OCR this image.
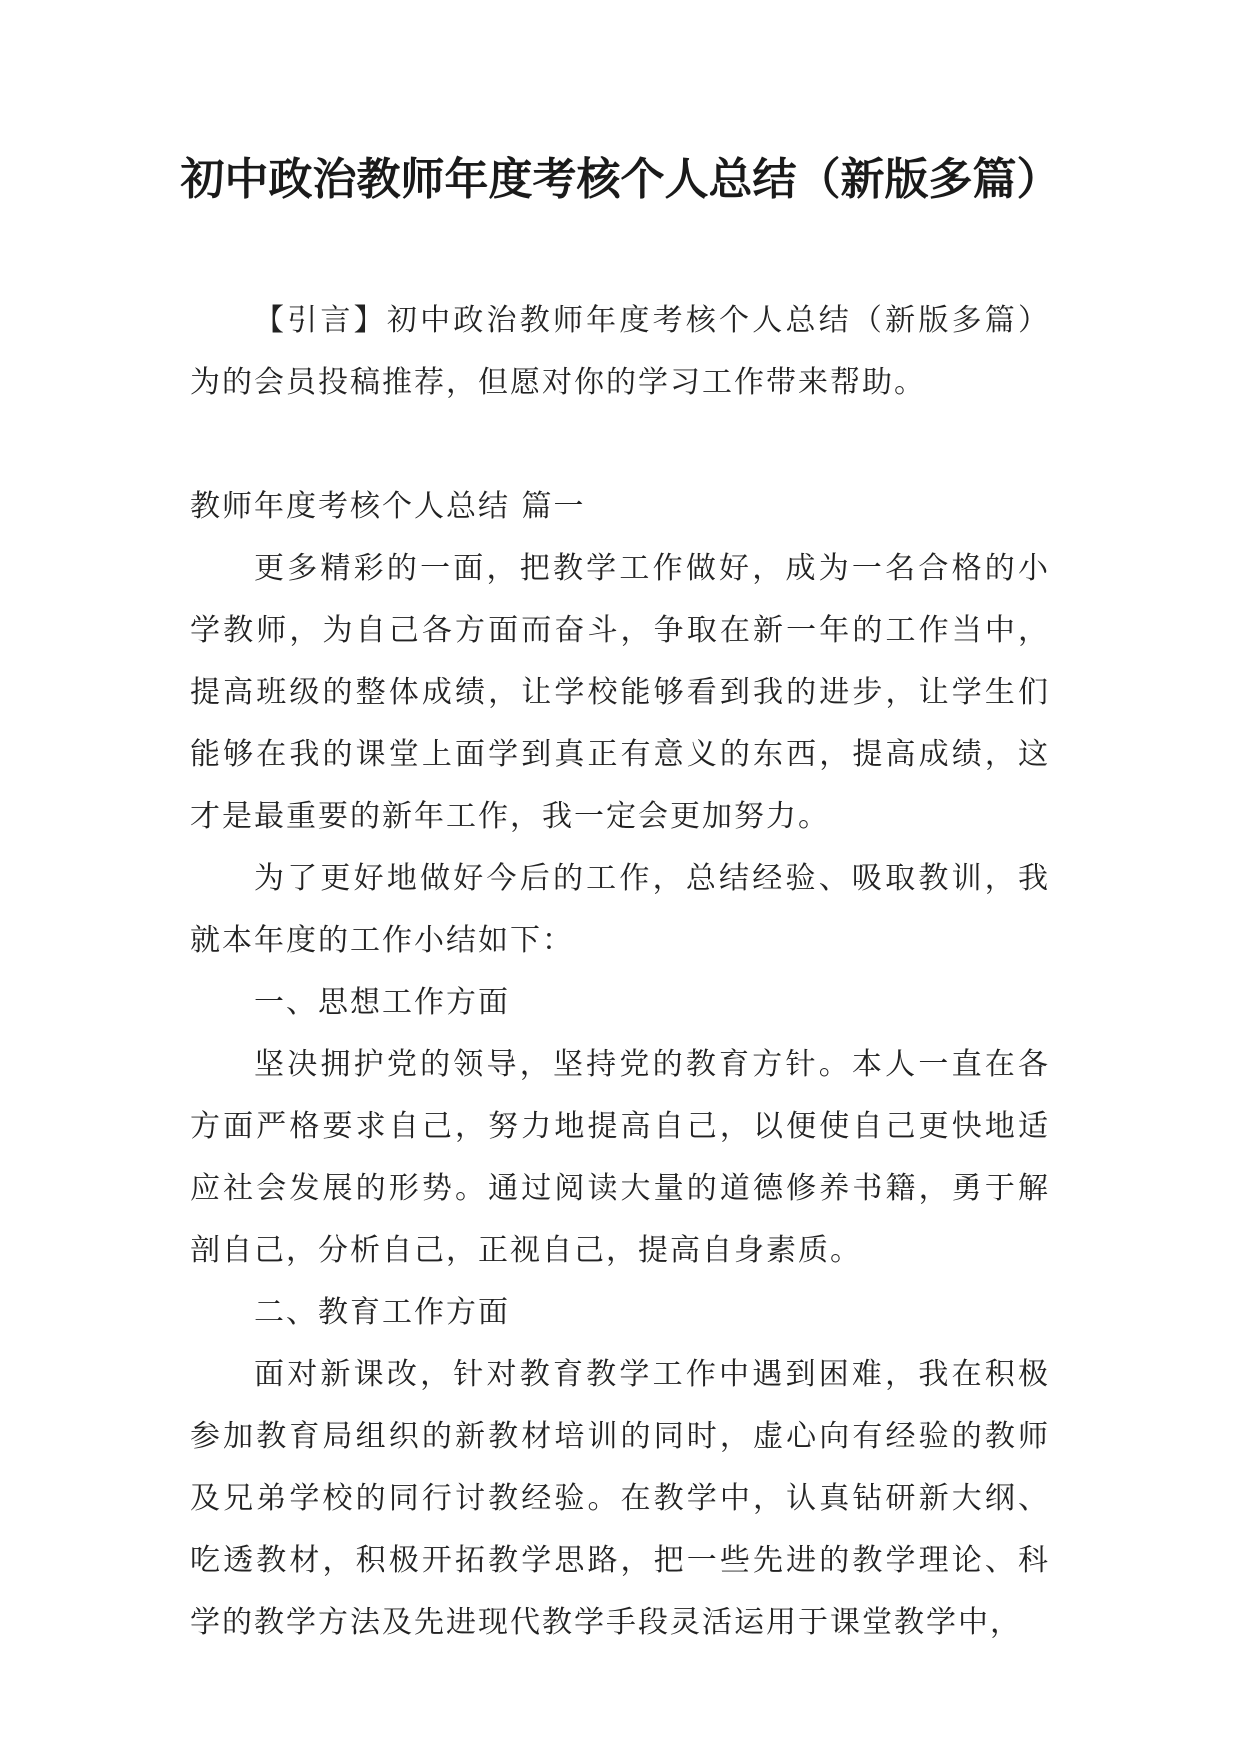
初中政治教师年度考核个人总结（新版多篇）

【引言】初中政治教师年度考核个人总结（新版多篇）为的会员投稿推荐，但愿对你的学习工作带来帮助。

教师年度考核个人总结 篇一

更多精彩的一面，把教学工作做好，成为一名合格的小学教师，为自己各方面而奋斗，争取在新一年的工作当中，提高班级的整体成绩，让学校能够看到我的进步，让学生们能够在我的课堂上面学到真正有意义的东西，提高成绩，这才是最重要的新年工作，我一定会更加努力。

为了更好地做好今后的工作，总结经验、吸取教训，我就本年度的工作小结如下：

一、思想工作方面

坚决拥护党的领导，坚持党的教育方针。本人一直在各方面严格要求自己，努力地提高自己，以便使自己更快地适应社会发展的形势。通过阅读大量的道德修养书籍，勇于解剖自己，分析自己，正视自己，提高自身素质。

二、教育工作方面

面对新课改，针对教育教学工作中遇到困难，我在积极参加教育局组织的新教材培训的同时，虚心向有经验的教师及兄弟学校的同行讨教经验。在教学中，认真钻研新大纲、吃透教材，积极开拓教学思路，把一些先进的教学理论、科学的教学方法及先进现代教学手段灵活运用于课堂教学中，
